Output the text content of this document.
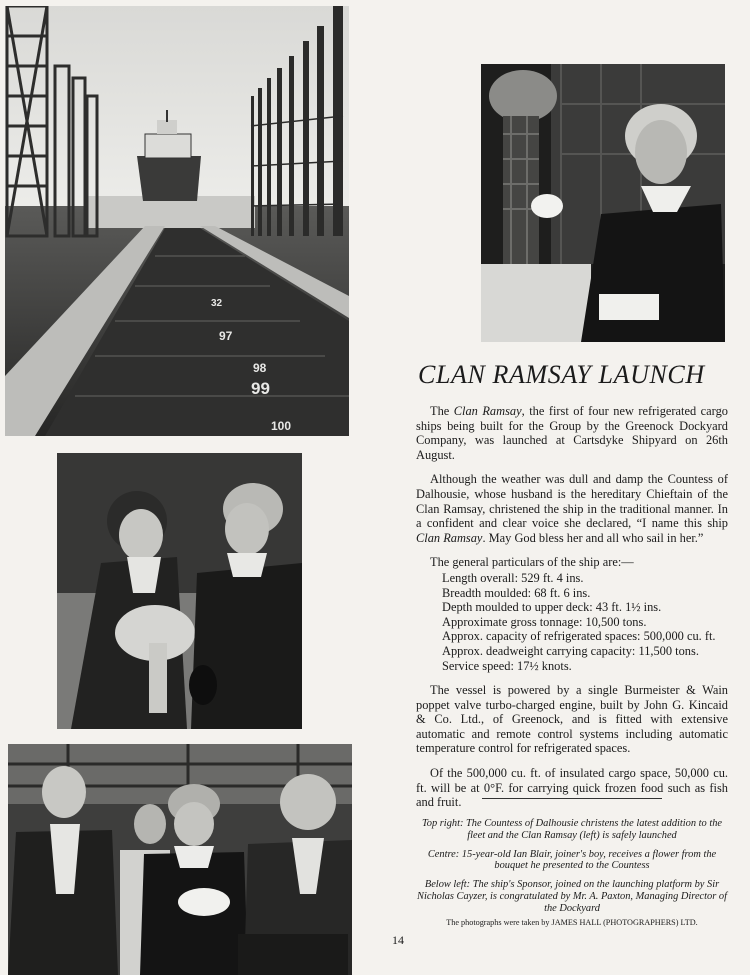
32
97
98
99
100
CLAN RAMSAY LAUNCH

The Clan Ramsay, the first of four new refrigerated cargo ships being built for the Group by the Greenock Dockyard Company, was launched at Cartsdyke Shipyard on 26th August.

Although the weather was dull and damp the Countess of Dalhousie, whose husband is the hereditary Chieftain of the Clan Ramsay, christened the ship in the traditional manner. In a confident and clear voice she declared, “I name this ship Clan Ramsay. May God bless her and all who sail in her.”

The general particulars of the ship are:—

Length overall: 529 ft. 4 ins.
Breadth moulded: 68 ft. 6 ins.
Depth moulded to upper deck: 43 ft. 1½ ins.
Approximate gross tonnage: 10,500 tons.
Approx. capacity of refrigerated spaces: 500,000 cu. ft.
Approx. deadweight carrying capacity: 11,500 tons.
Service speed: 17½ knots.

The vessel is powered by a single Burmeister & Wain poppet valve turbo-charged engine, built by John G. Kincaid & Co. Ltd., of Greenock, and is fitted with extensive automatic and remote control systems including automatic temperature control for refrigerated spaces.

Of the 500,000 cu. ft. of insulated cargo space, 50,000 cu. ft. will be at 0°F. for carrying quick frozen food such as fish and fruit.

Top right: The Countess of Dalhousie christens the latest addition to the fleet and the Clan Ramsay (left) is safely launched

Centre: 15-year-old Ian Blair, joiner's boy, receives a flower from the bouquet he presented to the Countess

Below left: The ship's Sponsor, joined on the launching platform by Sir Nicholas Cayzer, is congratulated by Mr. A. Paxton, Managing Director of the Dockyard

The photographs were taken by JAMES HALL (PHOTOGRAPHERS) LTD.
14
